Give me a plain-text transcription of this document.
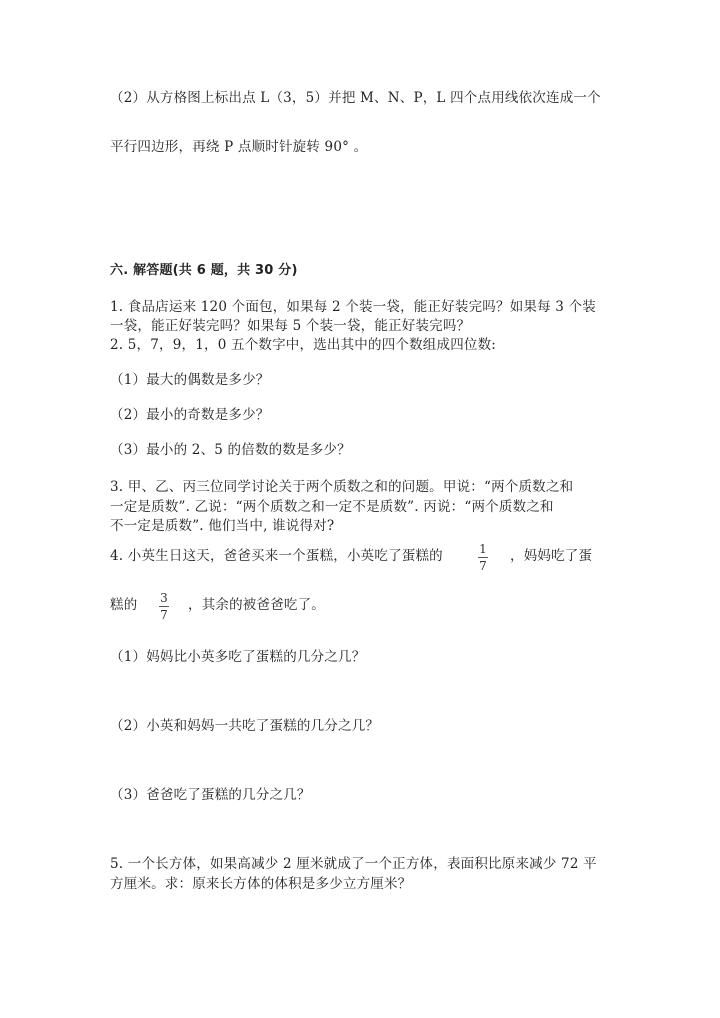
（2）从方格图上标出点 L（3，5）并把 M、N、P，L 四个点用线依次连成一个
平行四边形，再绕 P 点顺时针旋转 90° 。
六. 解答题(共 6 题，共 30 分)
1. 食品店运来 120 个面包，如果每 2 个装一袋，能正好装完吗？如果每 3 个装
一袋，能正好装完吗？如果每 5 个装一袋，能正好装完吗？
2. 5，7，9，1，0 五个数字中，选出其中的四个数组成四位数:
（1）最大的偶数是多少？
（2）最小的奇数是多少？
（3）最小的 2、5 的倍数的数是多少？
3. 甲、乙、丙三位同学讨论关于两个质数之和的问题。甲说：“两个质数之和
一定是质数”. 乙说：“两个质数之和一定不是质数”. 丙说：“两个质数之和
不一定是质数”. 他们当中, 谁说得对?
4. 小英生日这天，爸爸买来一个蛋糕，小英吃了蛋糕的	1
7
，妈妈吃了蛋
糕的 3
7
，其余的被爸爸吃了。
（1）妈妈比小英多吃了蛋糕的几分之几？
（2）小英和妈妈一共吃了蛋糕的几分之几？
（3）爸爸吃了蛋糕的几分之几？
5. 一个长方体，如果高减少 2 厘米就成了一个正方体，表面积比原来减少 72 平
方厘米。求：原来长方体的体积是多少立方厘米？
